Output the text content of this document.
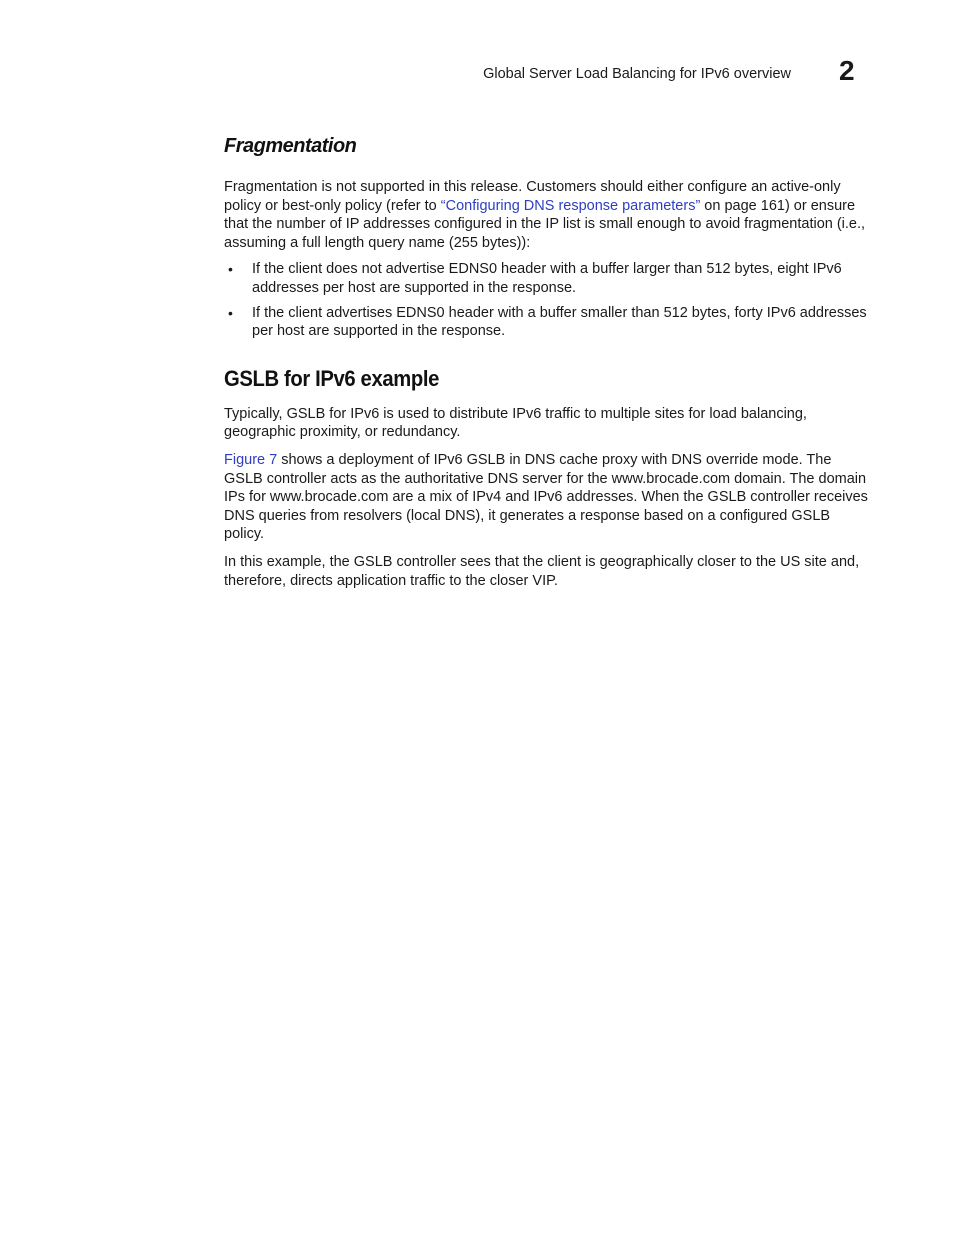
Global Server Load Balancing for IPv6 overview 2
Fragmentation

Fragmentation is not supported in this release. Customers should either configure an active-only policy or best-only policy (refer to “Configuring DNS response parameters” on page 161) or ensure that the number of IP addresses configured in the IP list is small enough to avoid fragmentation (i.e., assuming a full length query name (255 bytes)):

• If the client does not advertise EDNS0 header with a buffer larger than 512 bytes, eight IPv6 addresses per host are supported in the response.
• If the client advertises EDNS0 header with a buffer smaller than 512 bytes, forty IPv6 addresses per host are supported in the response.
GSLB for IPv6 example

Typically, GSLB for IPv6 is used to distribute IPv6 traffic to multiple sites for load balancing, geographic proximity, or redundancy.

Figure 7 shows a deployment of IPv6 GSLB in DNS cache proxy with DNS override mode. The GSLB controller acts as the authoritative DNS server for the www.brocade.com domain. The domain IPs for www.brocade.com are a mix of IPv4 and IPv6 addresses. When the GSLB controller receives DNS queries from resolvers (local DNS), it generates a response based on a configured GSLB policy.

In this example, the GSLB controller sees that the client is geographically closer to the US site and, therefore, directs application traffic to the closer VIP.
